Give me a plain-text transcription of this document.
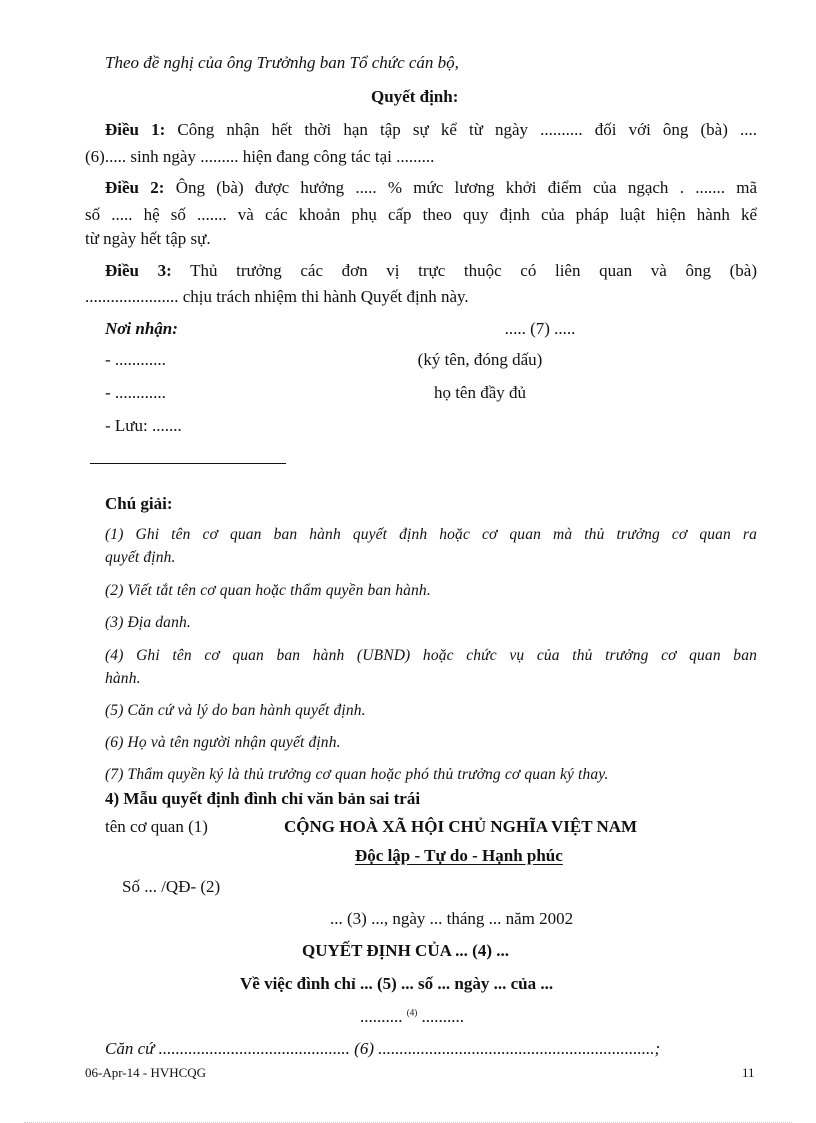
Theo đề nghị của ông Trưởnhg ban Tổ chức cán bộ,
Quyết định:
Điều 1: Công nhận hết thời hạn tập sự kể từ ngày .......... đối với ông (bà) ....
(6)..... sinh ngày ......... hiện đang công tác tại .........
Điều 2: Ông (bà) được hưởng ..... % mức lương khởi điểm của ngạch . ....... mã
số ..... hệ số ....... và các khoản phụ cấp theo quy định của pháp luật hiện hành kể
từ ngày hết tập sự.
Điều 3: Thủ trưởng các đơn vị trực thuộc có liên quan và ông (bà)
...................... chịu trách nhiệm thi hành Quyết định này.
Nơi nhận:
- ............
- ............
- Lưu: .......
..... (7) .....
(ký tên, đóng dấu)
họ tên đầy đủ
Chú giải:
(1) Ghi tên cơ quan ban hành quyết định hoặc cơ quan mà thủ trưởng cơ quan ra
quyết định.
(2) Viết tắt tên cơ quan hoặc thẩm quyền ban hành.
(3) Địa danh.
(4) Ghi tên cơ quan ban hành (UBND) hoặc chức vụ của thủ trưởng cơ quan ban
hành.
(5) Căn cứ và lý do ban hành quyết định.
(6) Họ và tên người nhận quyết định.
(7) Thẩm quyền ký là thủ trưởng cơ quan hoặc phó thủ trưởng cơ quan ký thay.
4) Mẫu quyết định đình chỉ văn bản sai trái
tên cơ quan (1)	CỘNG HOÀ XÃ HỘI CHỦ NGHĨA VIỆT NAM
Độc lập - Tự do - Hạnh phúc
Số ... /QĐ- (2)
... (3) ..., ngày ... tháng ... năm 2002
QUYẾT ĐỊNH CỦA ... (4) ...
Về việc đình chỉ ... (5) ... số ... ngày ... của ...
.......... $^{(4)}$ ..........
Căn cứ ............................................. (6) .................................................................;
06-Apr-14 - HVHCQG	11
